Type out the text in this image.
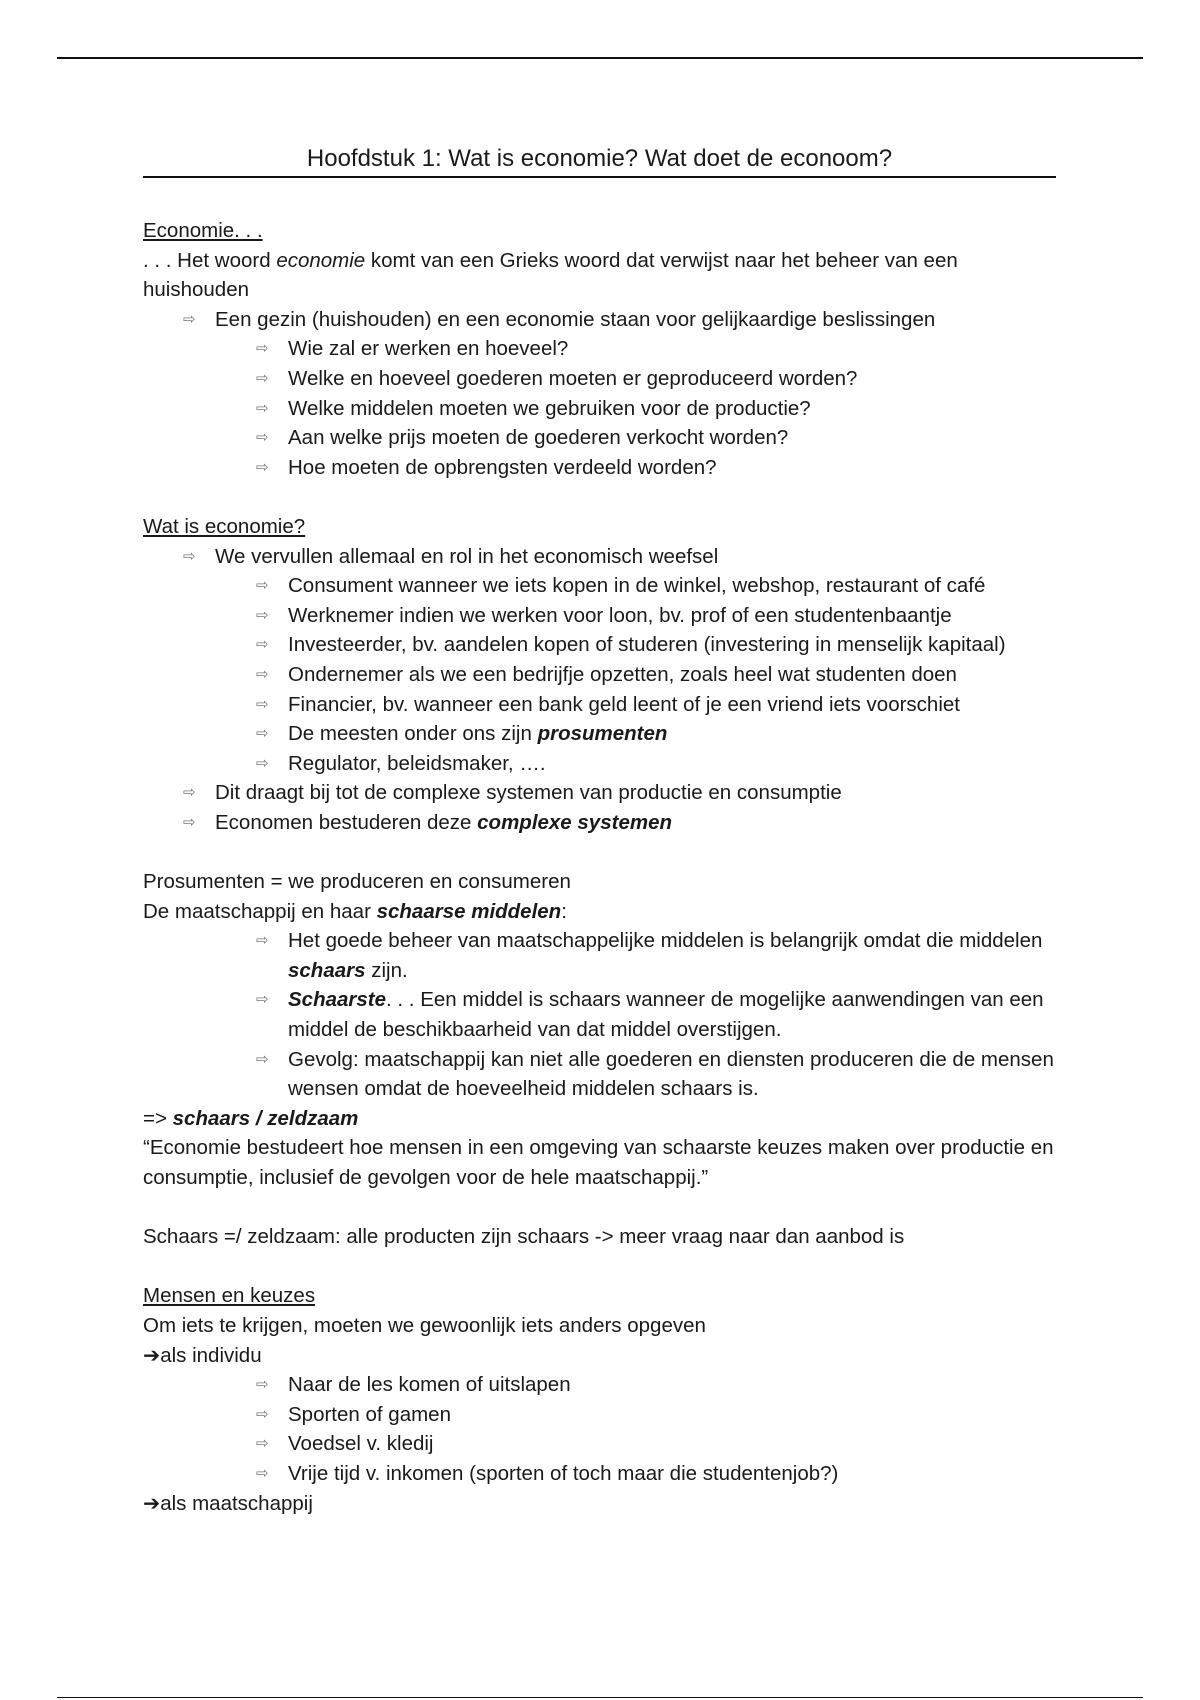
Hoofdstuk 1: Wat is economie? Wat doet de econoom?

Economie. . .

. . . Het woord economie komt van een Grieks woord dat verwijst naar het beheer van een huishouden

⇨ Een gezin (huishouden) en een economie staan voor gelijkaardige beslissingen
⇨ Wie zal er werken en hoeveel?
⇨ Welke en hoeveel goederen moeten er geproduceerd worden?
⇨ Welke middelen moeten we gebruiken voor de productie?
⇨ Aan welke prijs moeten de goederen verkocht worden?
⇨ Hoe moeten de opbrengsten verdeeld worden?

Wat is economie?

⇨ We vervullen allemaal en rol in het economisch weefsel
⇨ Consument wanneer we iets kopen in de winkel, webshop, restaurant of café
⇨ Werknemer indien we werken voor loon, bv. prof of een studentenbaantje
⇨ Investeerder, bv. aandelen kopen of studeren (investering in menselijk kapitaal)
⇨ Ondernemer als we een bedrijfje opzetten, zoals heel wat studenten doen
⇨ Financier, bv. wanneer een bank geld leent of je een vriend iets voorschiet
⇨ De meesten onder ons zijn prosumenten
⇨ Regulator, beleidsmaker, ….
⇨ Dit draagt bij tot de complexe systemen van productie en consumptie
⇨ Economen bestuderen deze complexe systemen

Prosumenten = we produceren en consumeren

De maatschappij en haar schaarse middelen:

⇨ Het goede beheer van maatschappelijke middelen is belangrijk omdat die middelen schaars zijn.
⇨ Schaarste. . . Een middel is schaars wanneer de mogelijke aanwendingen van een middel de beschikbaarheid van dat middel overstijgen.
⇨ Gevolg: maatschappij kan niet alle goederen en diensten produceren die de mensen wensen omdat de hoeveelheid middelen schaars is.

=> schaars / zeldzaam

“Economie bestudeert hoe mensen in een omgeving van schaarste keuzes maken over productie en consumptie, inclusief de gevolgen voor de hele maatschappij.”

Schaars =/ zeldzaam: alle producten zijn schaars -> meer vraag naar dan aanbod is

Mensen en keuzes

Om iets te krijgen, moeten we gewoonlijk iets anders opgeven

➔als individu

⇨ Naar de les komen of uitslapen
⇨ Sporten of gamen
⇨ Voedsel v. kledij
⇨ Vrije tijd v. inkomen (sporten of toch maar die studentenjob?)

➔als maatschappij
